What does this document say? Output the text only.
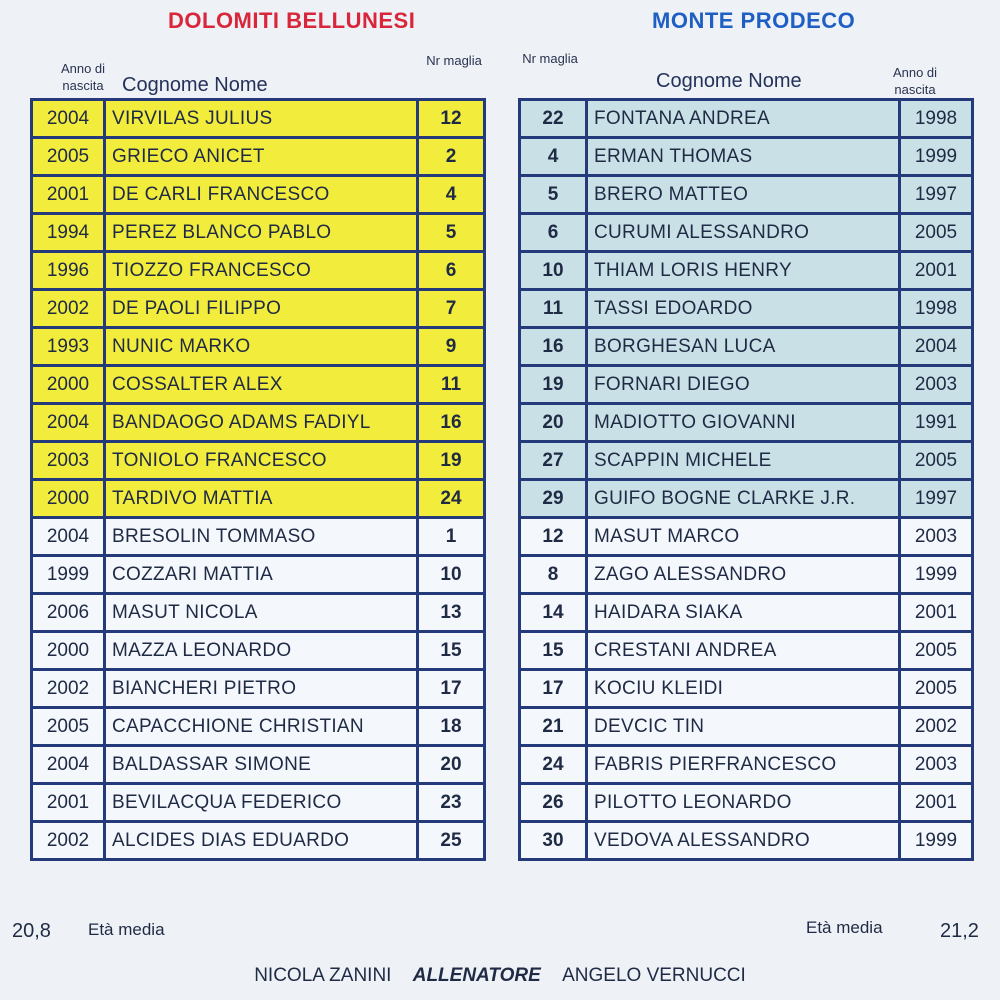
DOLOMITI BELLUNESI	MONTE PRODECO
Anno di nascita Cognome Nome
Nr maglia	Nr maglia
Cognome Nome	Anno di nascita
2004	VIRVILAS JULIUS	12
2005	GRIECO ANICET	2
2001	DE CARLI FRANCESCO	4
1994	PEREZ BLANCO PABLO	5
1996	TIOZZO FRANCESCO	6
2002	DE PAOLI FILIPPO	7
1993	NUNIC MARKO	9
2000	COSSALTER ALEX	11
2004	BANDAOGO ADAMS FADIYL	16
2003	TONIOLO FRANCESCO	19
2000	TARDIVO MATTIA	24
2004	BRESOLIN TOMMASO	1
1999	COZZARI MATTIA	10
2006	MASUT NICOLA	13
2000	MAZZA LEONARDO	15
2002	BIANCHERI PIETRO	17
2005	CAPACCHIONE CHRISTIAN	18
2004	BALDASSAR SIMONE	20
2001	BEVILACQUA FEDERICO	23
2002	ALCIDES DIAS EDUARDO	25
22	FONTANA ANDREA	1998
4	ERMAN THOMAS	1999
5	BRERO MATTEO	1997
6	CURUMI ALESSANDRO	2005
10	THIAM LORIS HENRY	2001
11	TASSI EDOARDO	1998
16	BORGHESAN LUCA	2004
19	FORNARI DIEGO	2003
20	MADIOTTO GIOVANNI	1991
27	SCAPPIN MICHELE	2005
29	GUIFO BOGNE CLARKE J.R.	1997
12	MASUT MARCO	2003
8	ZAGO ALESSANDRO	1999
14	HAIDARA SIAKA	2001
15	CRESTANI ANDREA	2005
17	KOCIU KLEIDI	2005
21	DEVCIC TIN	2002
24	FABRIS PIERFRANCESCO	2003
26	PILOTTO LEONARDO	2001
30	VEDOVA ALESSANDRO	1999
20,8 Età media	Età media	21,2
NICOLA ZANINI ALLENATORE ANGELO VERNUCCI
